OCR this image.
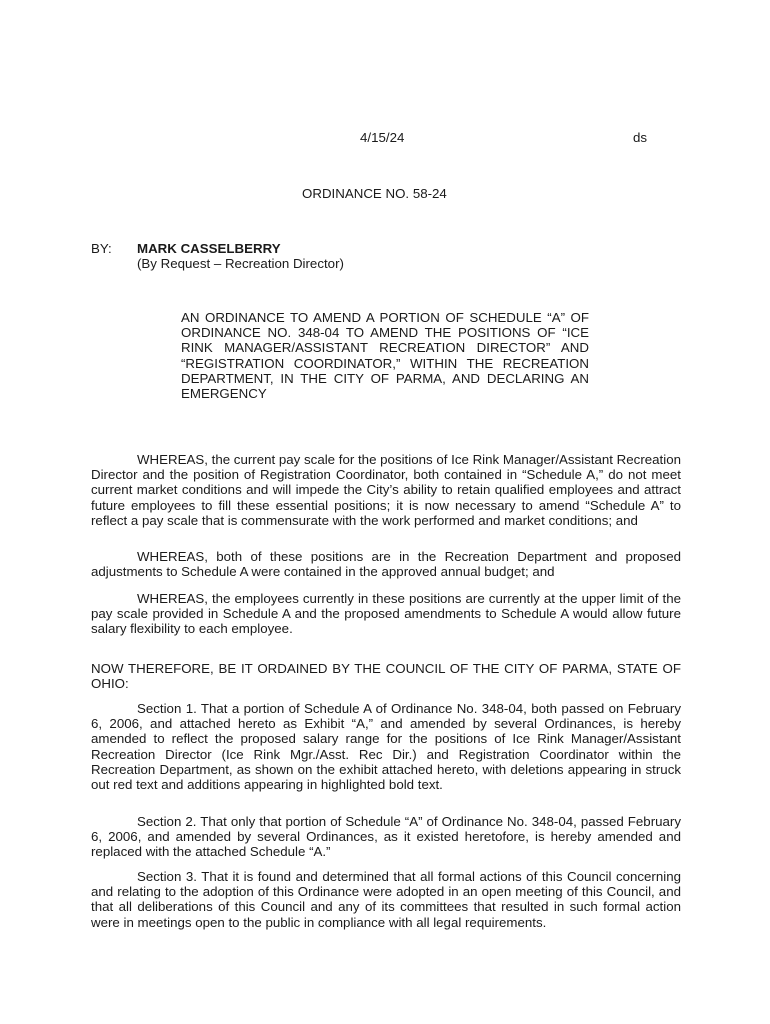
4/15/24	ds

ORDINANCE NO. 58-24

BY: MARK CASSELBERRY

(By Request – Recreation Director)

AN ORDINANCE TO AMEND A PORTION OF SCHEDULE “A” OF ORDINANCE NO. 348-04 TO AMEND THE POSITIONS OF “ICE RINK MANAGER/ASSISTANT RECREATION DIRECTOR” AND “REGISTRATION COORDINATOR,” WITHIN THE RECREATION DEPARTMENT, IN THE CITY OF PARMA, AND DECLARING AN EMERGENCY

WHEREAS, the current pay scale for the positions of Ice Rink Manager/Assistant Recreation Director and the position of Registration Coordinator, both contained in “Schedule A,” do not meet current market conditions and will impede the City’s ability to retain qualified employees and attract future employees to fill these essential positions; it is now necessary to amend “Schedule A” to reflect a pay scale that is commensurate with the work performed and market conditions; and

WHEREAS, both of these positions are in the Recreation Department and proposed adjustments to Schedule A were contained in the approved annual budget; and

WHEREAS, the employees currently in these positions are currently at the upper limit of the pay scale provided in Schedule A and the proposed amendments to Schedule A would allow future salary flexibility to each employee.

NOW THEREFORE, BE IT ORDAINED BY THE COUNCIL OF THE CITY OF PARMA, STATE OF OHIO:

Section 1. That a portion of Schedule A of Ordinance No. 348-04, both passed on February 6, 2006, and attached hereto as Exhibit “A,” and amended by several Ordinances, is hereby amended to reflect the proposed salary range for the positions of Ice Rink Manager/Assistant Recreation Director (Ice Rink Mgr./Asst. Rec Dir.) and Registration Coordinator within the Recreation Department, as shown on the exhibit attached hereto, with deletions appearing in struck out red text and additions appearing in highlighted bold text.

Section 2. That only that portion of Schedule “A” of Ordinance No. 348-04, passed February 6, 2006, and amended by several Ordinances, as it existed heretofore, is hereby amended and replaced with the attached Schedule “A.”

Section 3. That it is found and determined that all formal actions of this Council concerning and relating to the adoption of this Ordinance were adopted in an open meeting of this Council, and that all deliberations of this Council and any of its committees that resulted in such formal action were in meetings open to the public in compliance with all legal requirements.
